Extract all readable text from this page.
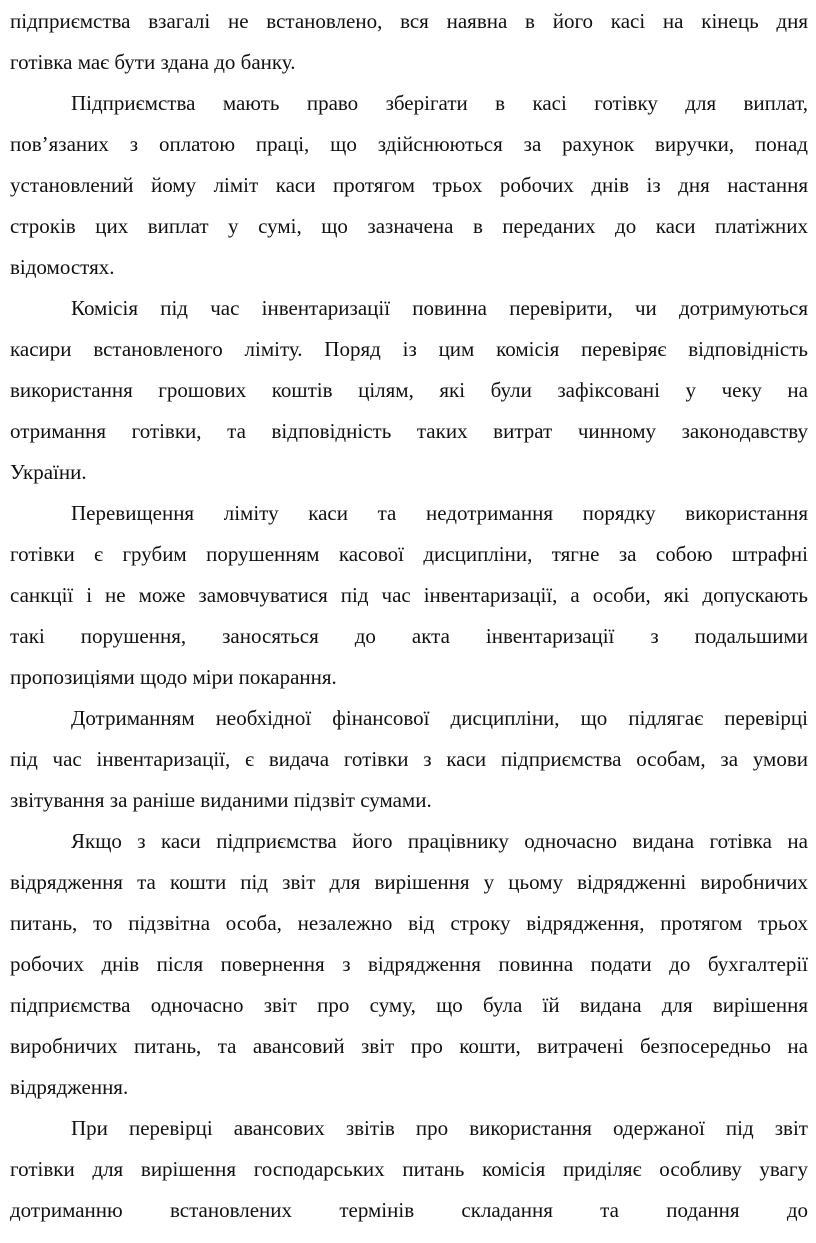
підприємства взагалі не встановлено, вся наявна в його касі на кінець дня
готівка має бути здана до банку.
Підприємства мають право зберігати в касі готівку для виплат,
пов’язаних з оплатою праці, що здійснюються за рахунок виручки, понад
установлений йому ліміт каси протягом трьох робочих днів із дня настання
строків цих виплат у сумі, що зазначена в переданих до каси платіжних
відомостях.
Комісія під час інвентаризації повинна перевірити, чи дотримуються
касири встановленого ліміту. Поряд із цим комісія перевіряє відповідність
використання грошових коштів цілям, які були зафіксовані у чеку на
отримання готівки, та відповідність таких витрат чинному законодавству
України.
Перевищення ліміту каси та недотримання порядку використання
готівки є грубим порушенням касової дисципліни, тягне за собою штрафні
санкції і не може замовчуватися під час інвентаризації, а особи, які допускають
такі порушення, заносяться до акта інвентаризації з подальшими
пропозиціями щодо міри покарання.
Дотриманням необхідної фінансової дисципліни, що підлягає перевірці
під час інвентаризації, є видача готівки з каси підприємства особам, за умови
звітування за раніше виданими підзвіт сумами.
Якщо з каси підприємства його працівнику одночасно видана готівка на
відрядження та кошти під звіт для вирішення у цьому відрядженні виробничих
питань, то підзвітна особа, незалежно від строку відрядження, протягом трьох
робочих днів після повернення з відрядження повинна подати до бухгалтерії
підприємства одночасно звіт про суму, що була їй видана для вирішення
виробничих питань, та авансовий звіт про кошти, витрачені безпосередньо на
відрядження.
При перевірці авансових звітів про використання одержаної під звіт
готівки для вирішення господарських питань комісія приділяє особливу увагу
дотриманню встановлених термінів складання та подання до
